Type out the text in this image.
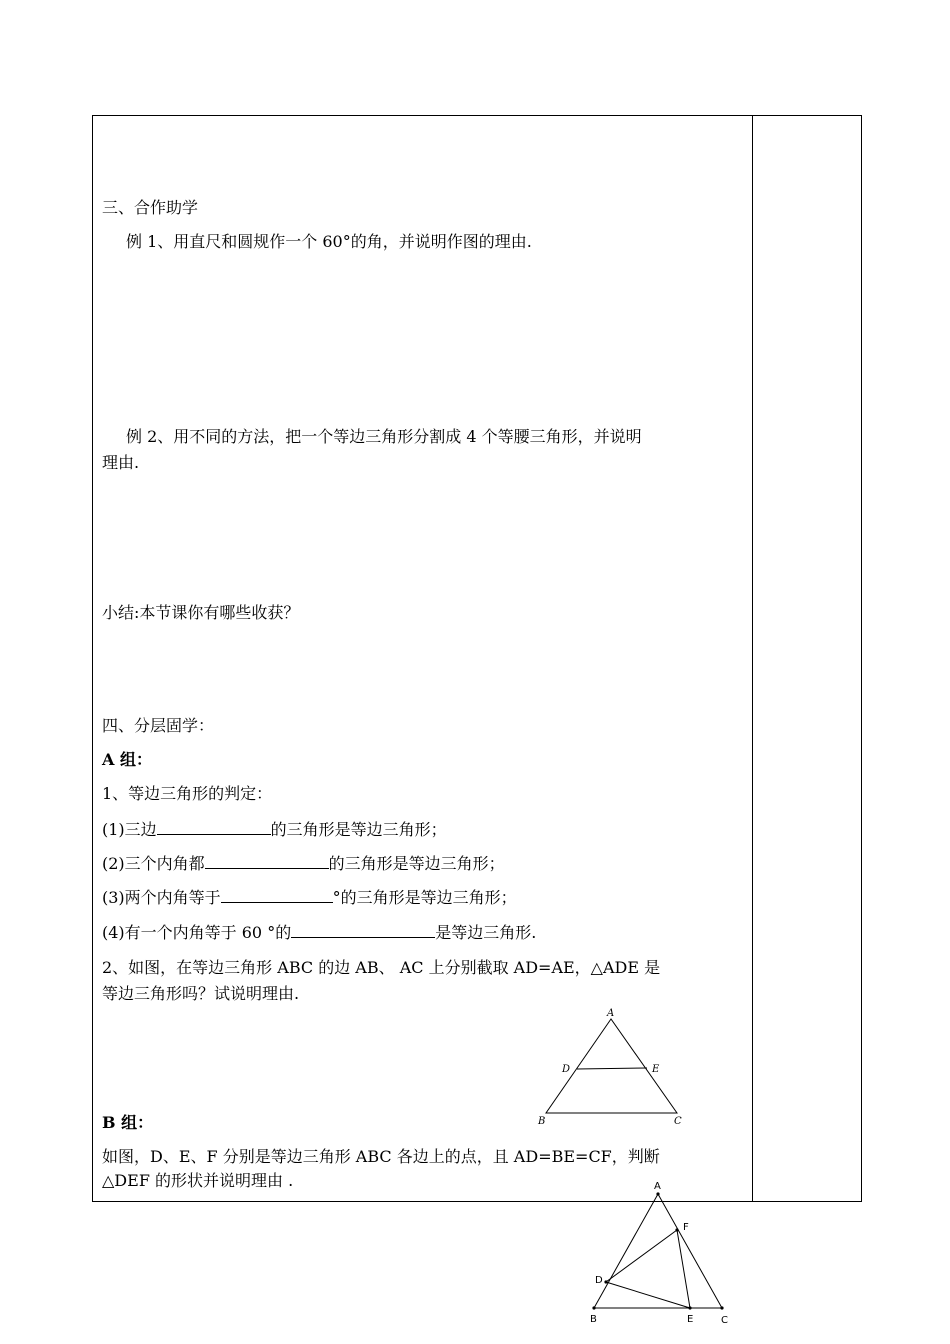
三、合作助学
例 1、用直尺和圆规作一个 60°的角，并说明作图的理由.
例 2、用不同的方法，把一个等边三角形分割成 4 个等腰三角形，并说明
理由.
小结:本节课你有哪些收获？
四、分层固学：
A 组：
1、等边三角形的判定：
(1)三边	的三角形是等边三角形；
(2)三个内角都	的三角形是等边三角形；
(3)两个内角等于	°的三角形是等边三角形；
(4)有一个内角等于 60 °的	是等边三角形.
2、如图，在等边三角形 ABC 的边 AB、 AC 上分别截取 AD=AE，△ADE 是
等边三角形吗？试说明理由.
A
B	C
D	E
B 组：
如图，D、E、F 分别是等边三角形 ABC 各边上的点，且 AD=BE=CF，判断
△DEF 的形状并说明理由 .	A
B	C
D
E
F
